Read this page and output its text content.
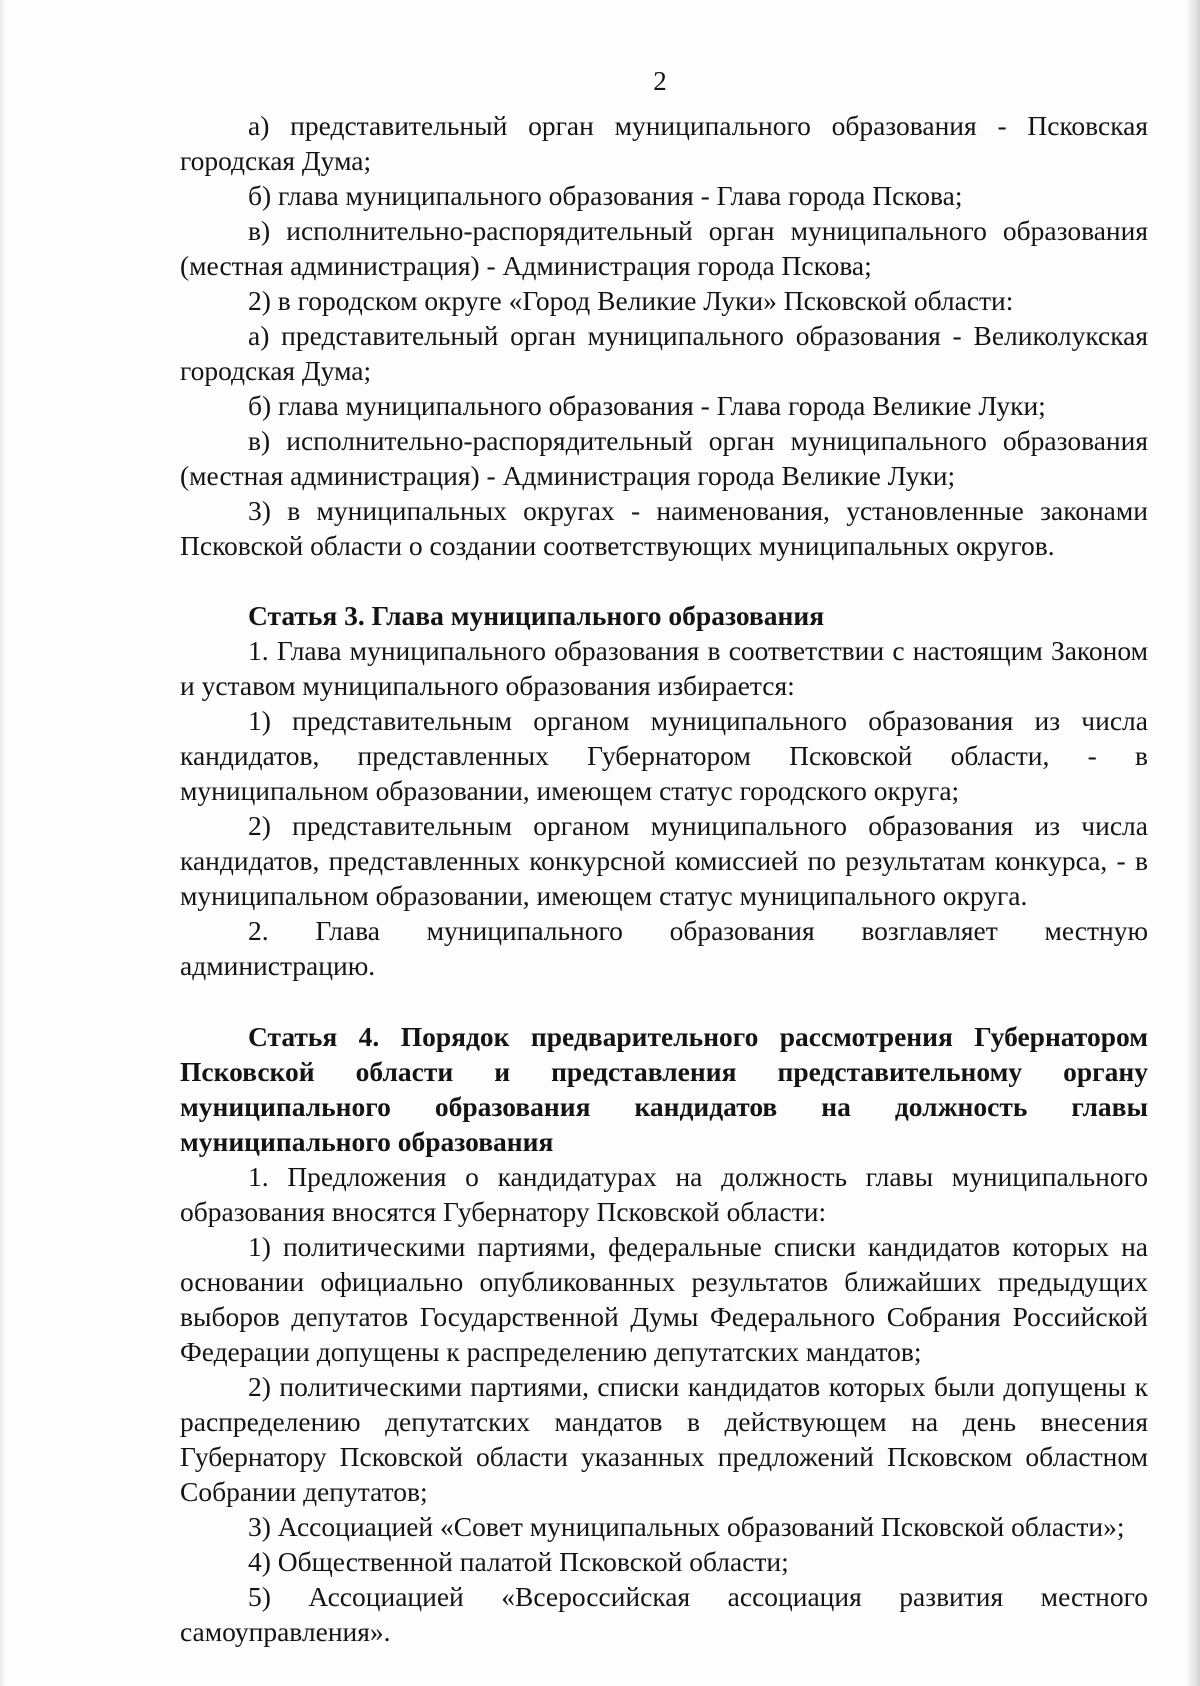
2

а) представительный орган муниципального образования - Псковская городская Дума;

б) глава муниципального образования - Глава города Пскова;

в) исполнительно-распорядительный орган муниципального образования (местная администрация) - Администрация города Пскова;

2) в городском округе «Город Великие Луки» Псковской области:

а) представительный орган муниципального образования - Великолукская городская Дума;

б) глава муниципального образования - Глава города Великие Луки;

в) исполнительно-распорядительный орган муниципального образования (местная администрация) - Администрация города Великие Луки;

3) в муниципальных округах - наименования, установленные законами Псковской области о создании соответствующих муниципальных округов.

Статья 3. Глава муниципального образования

1. Глава муниципального образования в соответствии с настоящим Законом и уставом муниципального образования избирается:

1) представительным органом муниципального образования из числа кандидатов, представленных Губернатором Псковской области, - в муниципальном образовании, имеющем статус городского округа;

2) представительным органом муниципального образования из числа кандидатов, представленных конкурсной комиссией по результатам конкурса, - в муниципальном образовании, имеющем статус муниципального округа.

2. Глава муниципального образования возглавляет местную администрацию.

Статья 4. Порядок предварительного рассмотрения Губернатором Псковской области и представления представительному органу муниципального образования кандидатов на должность главы муниципального образования

1. Предложения о кандидатурах на должность главы муниципального образования вносятся Губернатору Псковской области:

1) политическими партиями, федеральные списки кандидатов которых на основании официально опубликованных результатов ближайших предыдущих выборов депутатов Государственной Думы Федерального Собрания Российской Федерации допущены к распределению депутатских мандатов;

2) политическими партиями, списки кандидатов которых были допущены к распределению депутатских мандатов в действующем на день внесения Губернатору Псковской области указанных предложений Псковском областном Собрании депутатов;

3) Ассоциацией «Совет муниципальных образований Псковской области»;

4) Общественной палатой Псковской области;

5) Ассоциацией «Всероссийская ассоциация развития местного самоуправления».
